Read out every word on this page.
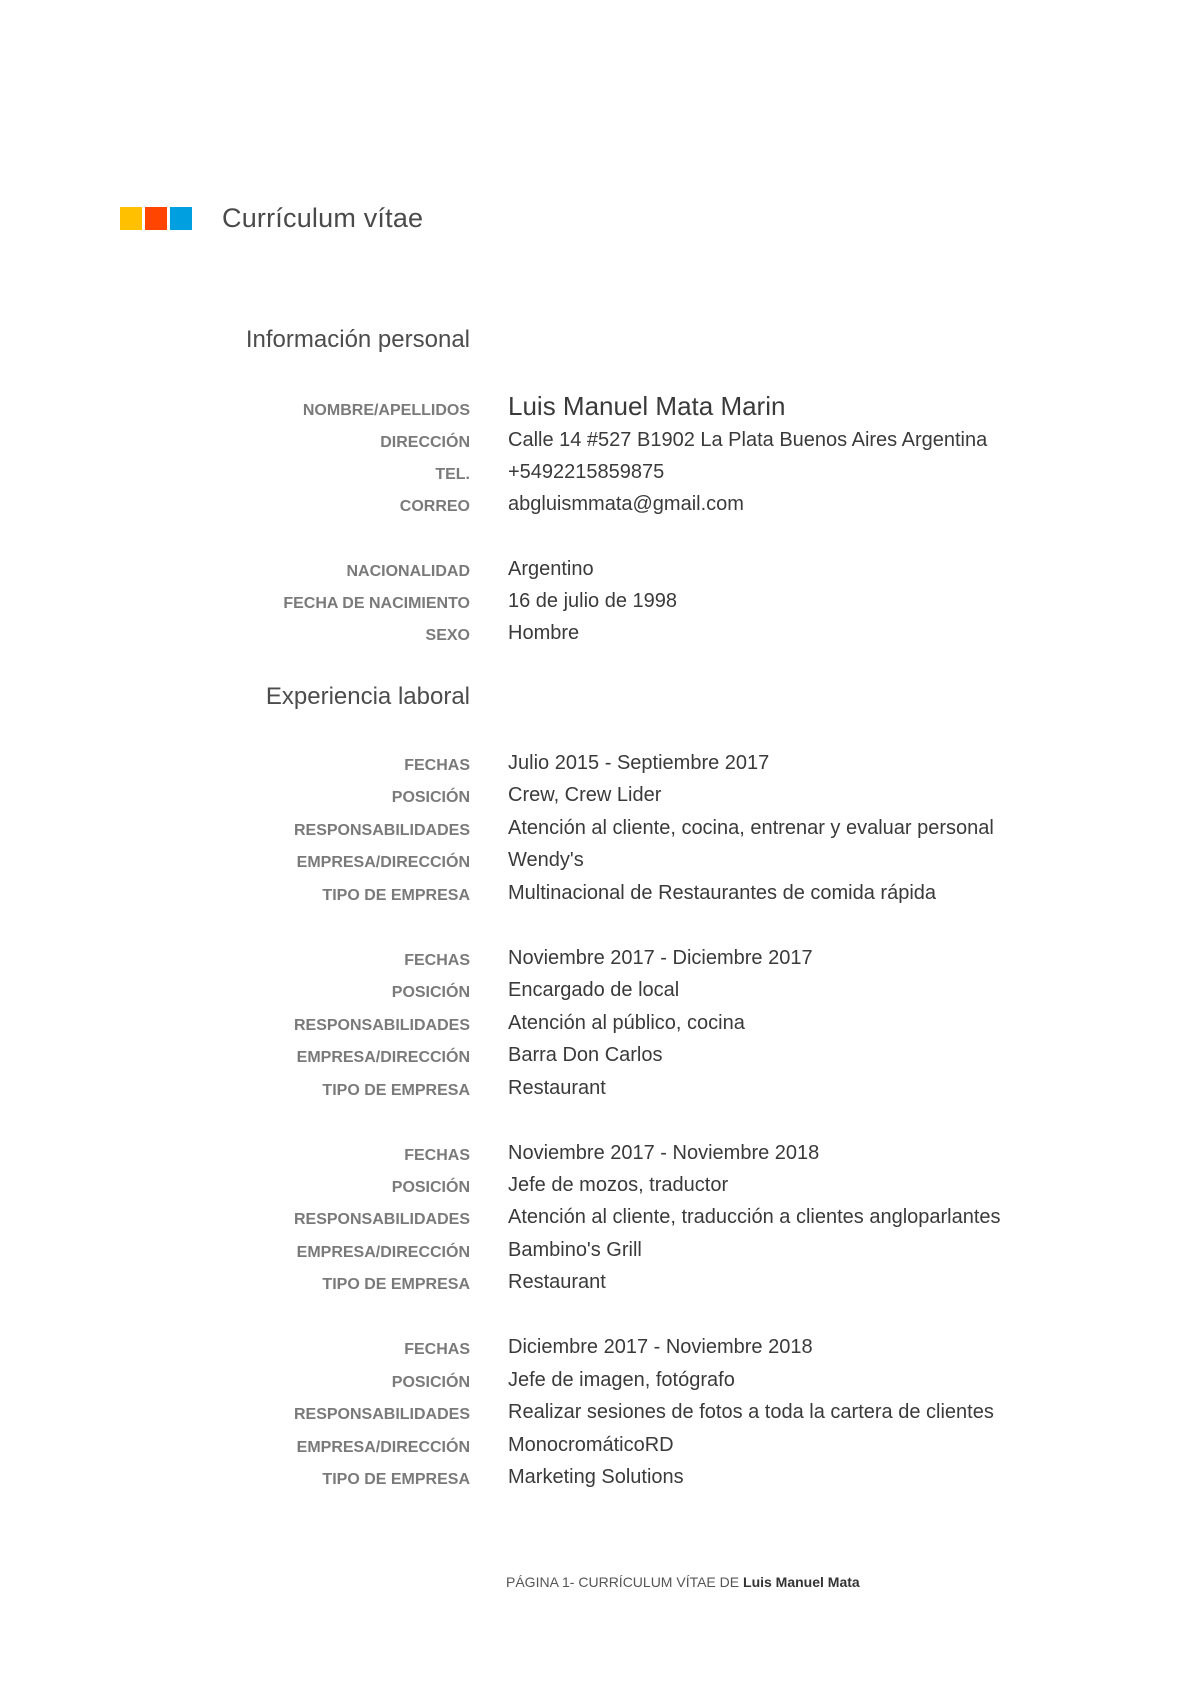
Currículum vítae
Información personal
NOMBRE/APELLIDOS Luis Manuel Mata Marin
DIRECCIÓN Calle 14 #527 B1902 La Plata Buenos Aires Argentina
TEL. +5492215859875
CORREO abgluismmata@gmail.com
NACIONALIDAD Argentino
FECHA DE NACIMIENTO 16 de julio de 1998
SEXO Hombre
Experiencia laboral
FECHAS Julio 2015 - Septiembre 2017
POSICIÓN Crew, Crew Lider
RESPONSABILIDADES Atención al cliente, cocina, entrenar y evaluar personal
EMPRESA/DIRECCIÓN Wendy's
TIPO DE EMPRESA Multinacional de Restaurantes de comida rápida
FECHAS Noviembre 2017 - Diciembre 2017
POSICIÓN Encargado de local
RESPONSABILIDADES Atención al público, cocina
EMPRESA/DIRECCIÓN Barra Don Carlos
TIPO DE EMPRESA Restaurant
FECHAS Noviembre 2017 - Noviembre 2018
POSICIÓN Jefe de mozos, traductor
RESPONSABILIDADES Atención al cliente, traducción a clientes angloparlantes
EMPRESA/DIRECCIÓN Bambino's Grill
TIPO DE EMPRESA Restaurant
FECHAS Diciembre 2017 - Noviembre 2018
POSICIÓN Jefe de imagen, fotógrafo
RESPONSABILIDADES Realizar sesiones de fotos a toda la cartera de clientes
EMPRESA/DIRECCIÓN MonocromáticoRD
TIPO DE EMPRESA Marketing Solutions
PÁGINA 1- CURRÍCULUM VÍTAE DE Luis Manuel Mata
